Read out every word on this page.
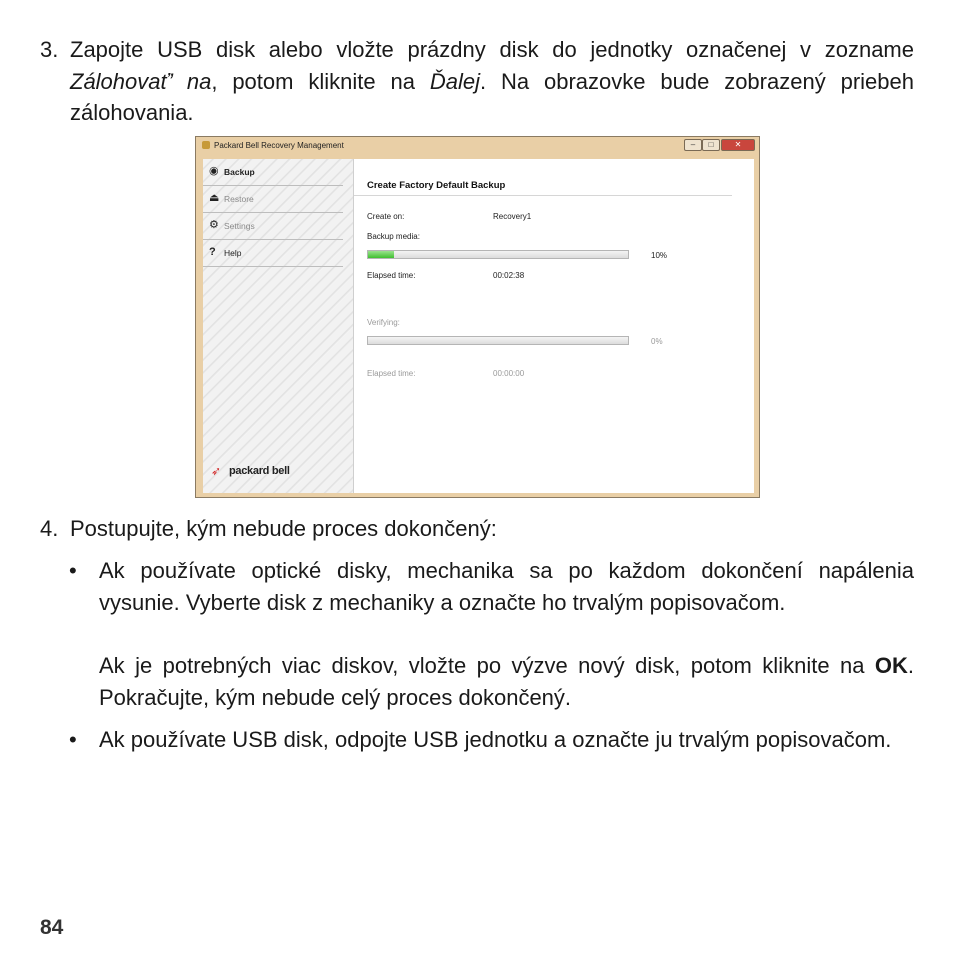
3. Zapojte USB disk alebo vložte prázdny disk do jednotky označenej v zozname Zálohovať’ na, potom kliknite na Ďalej. Na obrazovke bude zobrazený priebeh zálohovania.

Packard Bell Recovery Management	–	□	✕
◉ Backup
⏏ Restore
⚙ Settings
? Help
➶ packard bell
Create Factory Default Backup
Create on:	Recovery1
Backup media:
10%
Elapsed time:	00:02:38
Verifying:
0%
Elapsed time:	00:00:00
4. Postupujte, kým nebude proces dokončený:

• Ak používate optické disky, mechanika sa po každom dokončení napálenia vysunie. Vyberte disk z mechaniky a označte ho trvalým popisovačom.

Ak je potrebných viac diskov, vložte po výzve nový disk, potom kliknite na OK. Pokračujte, kým nebude celý proces dokončený.

• Ak používate USB disk, odpojte USB jednotku a označte ju trvalým popisovačom.

84
